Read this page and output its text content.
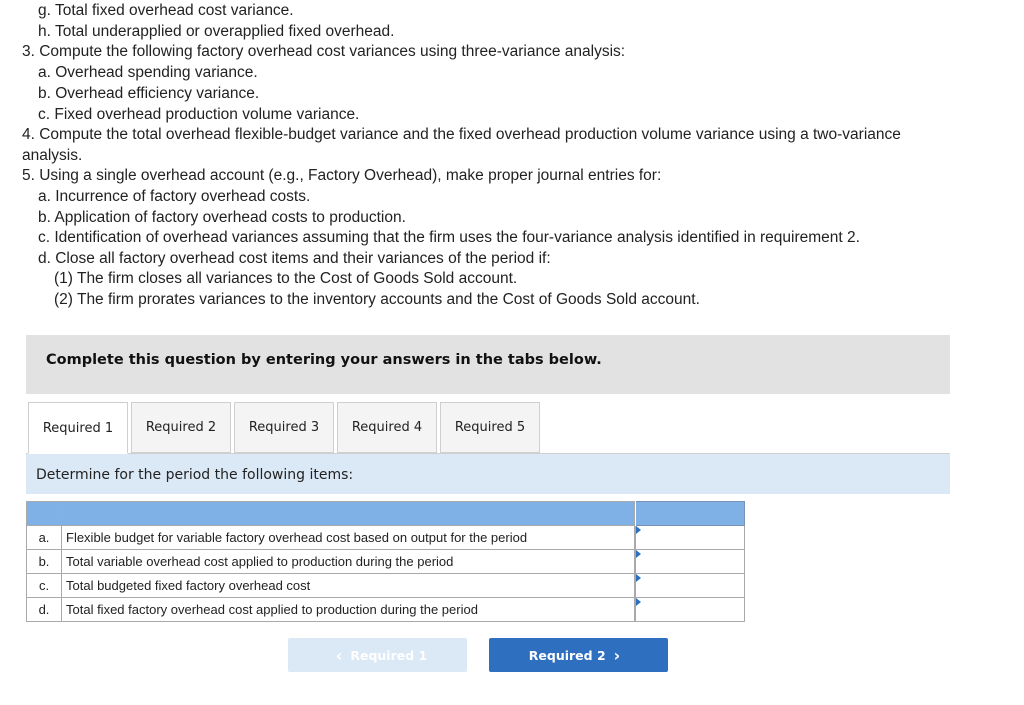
g. Total fixed overhead cost variance.
h. Total underapplied or overapplied fixed overhead.
3. Compute the following factory overhead cost variances using three-variance analysis:
a. Overhead spending variance.
b. Overhead efficiency variance.
c. Fixed overhead production volume variance.
4. Compute the total overhead flexible-budget variance and the fixed overhead production volume variance using a two-variance
analysis.
5. Using a single overhead account (e.g., Factory Overhead), make proper journal entries for:
a. Incurrence of factory overhead costs.
b. Application of factory overhead costs to production.
c. Identification of overhead variances assuming that the firm uses the four-variance analysis identified in requirement 2.
d. Close all factory overhead cost items and their variances of the period if:
(1) The firm closes all variances to the Cost of Goods Sold account.
(2) The firm prorates variances to the inventory accounts and the Cost of Goods Sold account.
Complete this question by entering your answers in the tabs below.
Required 1	Required 2	Required 3	Required 4	Required 5
Determine for the period the following items:

a.	Flexible budget for variable factory overhead cost based on output for the period		

b.	Total variable overhead cost applied to production during the period		

c.	Total budgeted fixed factory overhead cost		

d.	Total fixed factory overhead cost applied to production during the period		
‹ Required 1	Required 2 ›
